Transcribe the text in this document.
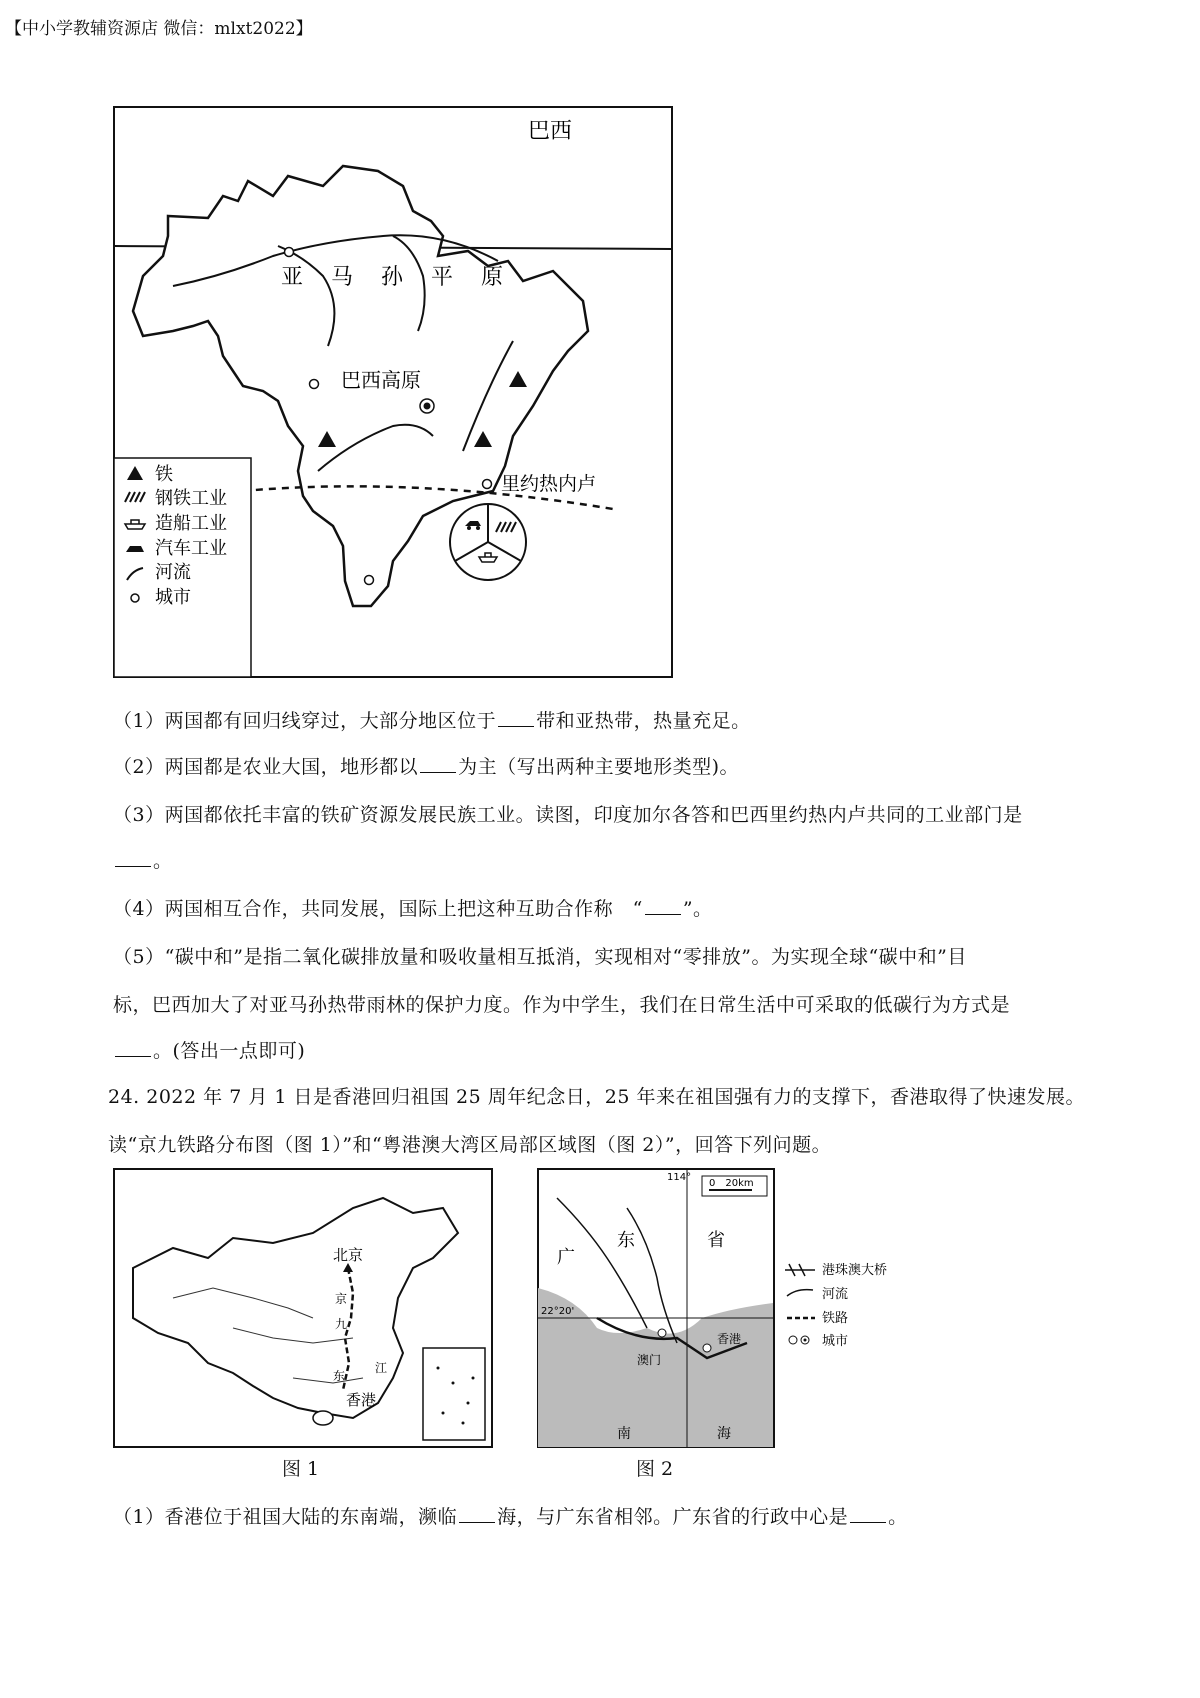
【中小学教辅资源店 微信：mlxt2022】
巴西
亚 马 孙 平 原
巴西高原
里约热内卢
铁
钢铁工业
造船工业
汽车工业
河流
城市
（1）两国都有回归线穿过，大部分地区位于 带和亚热带，热量充足。
（2）两国都是农业大国，地形都以 为主（写出两种主要地形类型)。
（3）两国都依托丰富的铁矿资源发展民族工业。读图，印度加尔各答和巴西里约热内卢共同的工业部门是
。
（4）两国相互合作，共同发展，国际上把这种互助合作称　“ ”。
（5）“碳中和”是指二氧化碳排放量和吸收量相互抵消，实现相对“零排放”。为实现全球“碳中和”目
标，巴西加大了对亚马孙热带雨林的保护力度。作为中学生，我们在日常生活中可采取的低碳行为方式是
。(答出一点即可)
24. 2022 年 7 月 1 日是香港回归祖国 25 周年纪念日，25 年来在祖国强有力的支撑下，香港取得了快速发展。
读“京九铁路分布图（图 1）”和“粤港澳大湾区局部区域图（图 2）”，回答下列问题。
北京
京
九
东
江
香港
0　20km
114°
22°20'
广
东	省
香港
澳门
南	海
港珠澳大桥
河流
铁路
城市
图 1	图 2
（1）香港位于祖国大陆的东南端，濒临 海，与广东省相邻。广东省的行政中心是 。
